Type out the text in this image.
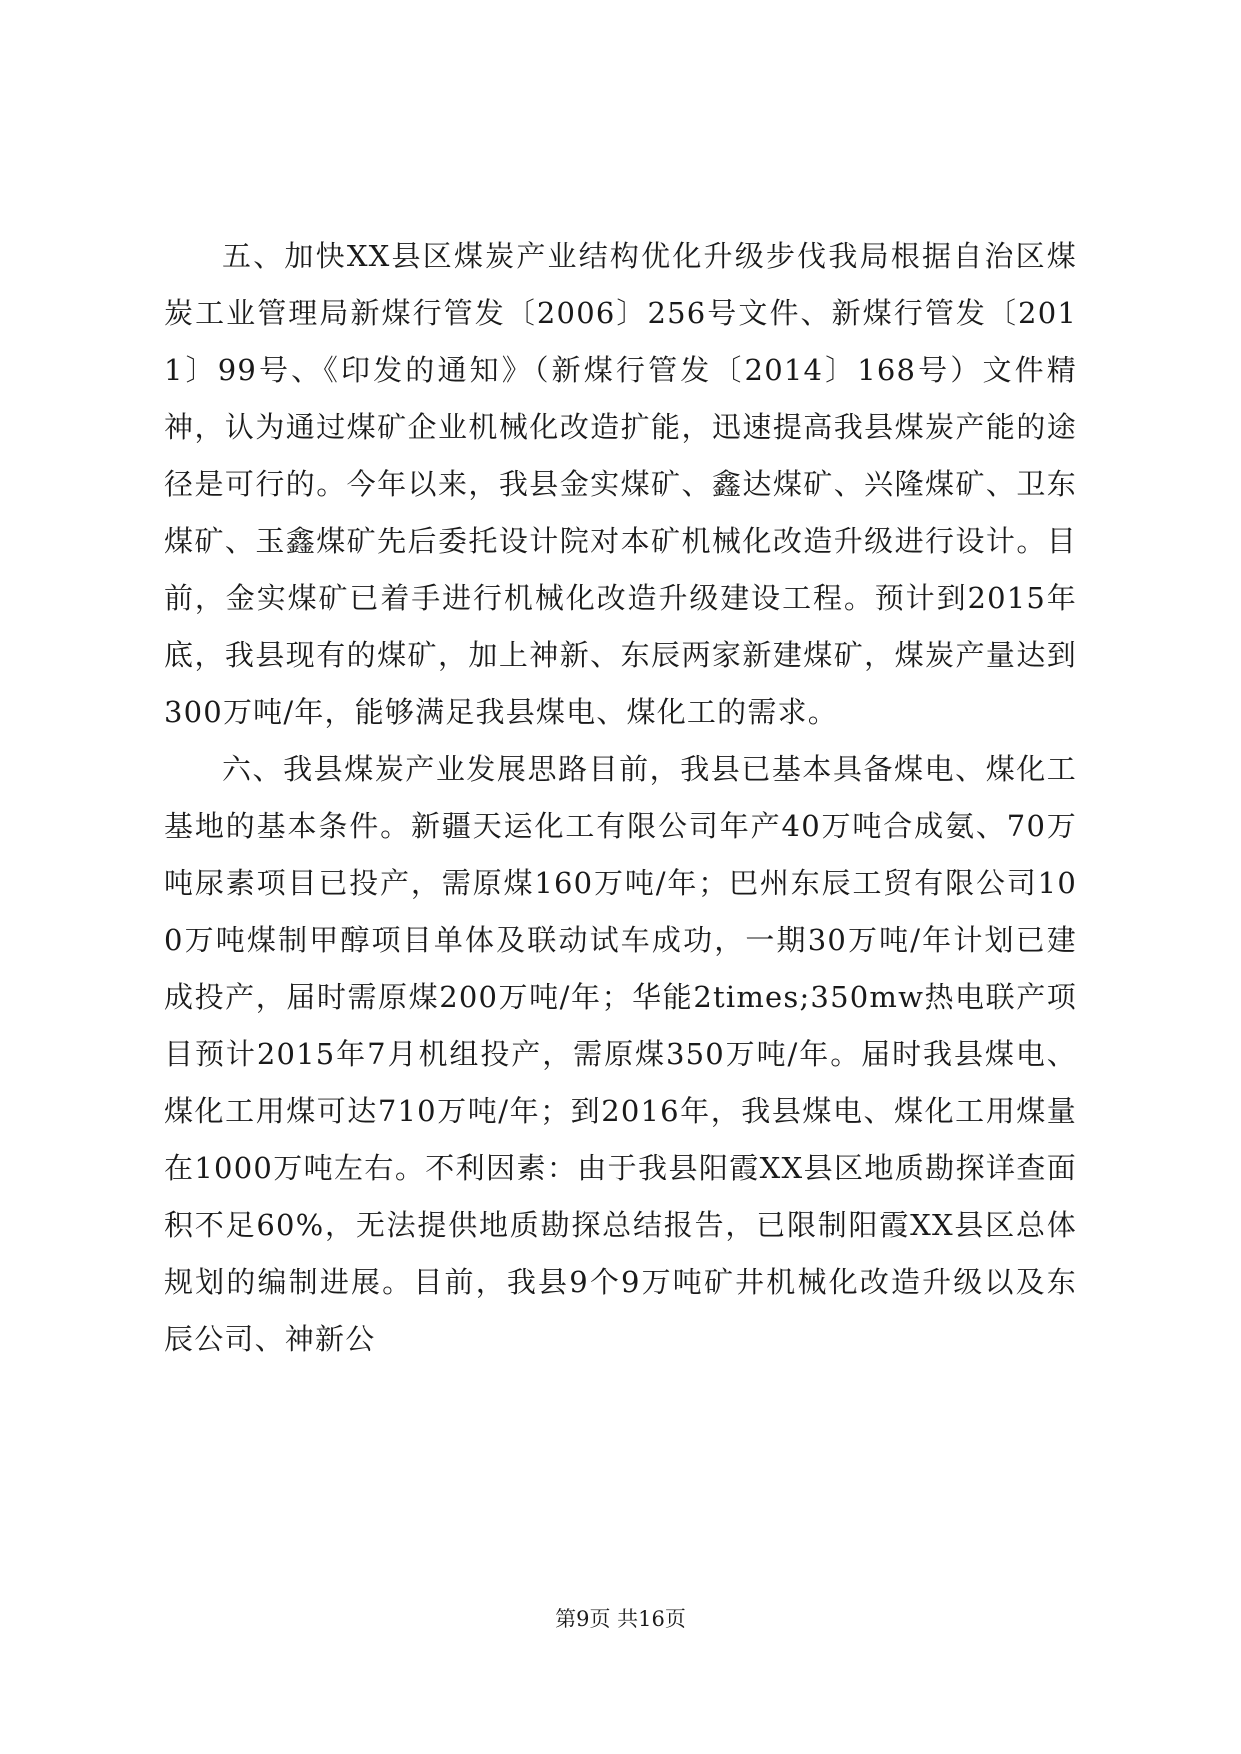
五、加快XX县区煤炭产业结构优化升级步伐我局根据自治区煤炭工业管理局新煤行管发〔2006〕256号文件、新煤行管发〔2011〕99号、《印发的通知》（新煤行管发〔2014〕168号）文件精神，认为通过煤矿企业机械化改造扩能，迅速提高我县煤炭产能的途径是可行的。今年以来，我县金实煤矿、鑫达煤矿、兴隆煤矿、卫东煤矿、玉鑫煤矿先后委托设计院对本矿机械化改造升级进行设计。目前，金实煤矿已着手进行机械化改造升级建设工程。预计到2015年底，我县现有的煤矿，加上神新、东辰两家新建煤矿，煤炭产量达到300万吨/年，能够满足我县煤电、煤化工的需求。

六、我县煤炭产业发展思路目前，我县已基本具备煤电、煤化工基地的基本条件。新疆天运化工有限公司年产40万吨合成氨、70万吨尿素项目已投产，需原煤160万吨/年；巴州东辰工贸有限公司100万吨煤制甲醇项目单体及联动试车成功，一期30万吨/年计划已建成投产，届时需原煤200万吨/年；华能2times;350mw热电联产项目预计2015年7月机组投产，需原煤350万吨/年。届时我县煤电、煤化工用煤可达710万吨/年；到2016年，我县煤电、煤化工用煤量在1000万吨左右。不利因素：由于我县阳霞XX县区地质勘探详查面积不足60%，无法提供地质勘探总结报告，已限制阳霞XX县区总体规划的编制进展。目前，我县9个9万吨矿井机械化改造升级以及东辰公司、神新公

第9页 共16页
